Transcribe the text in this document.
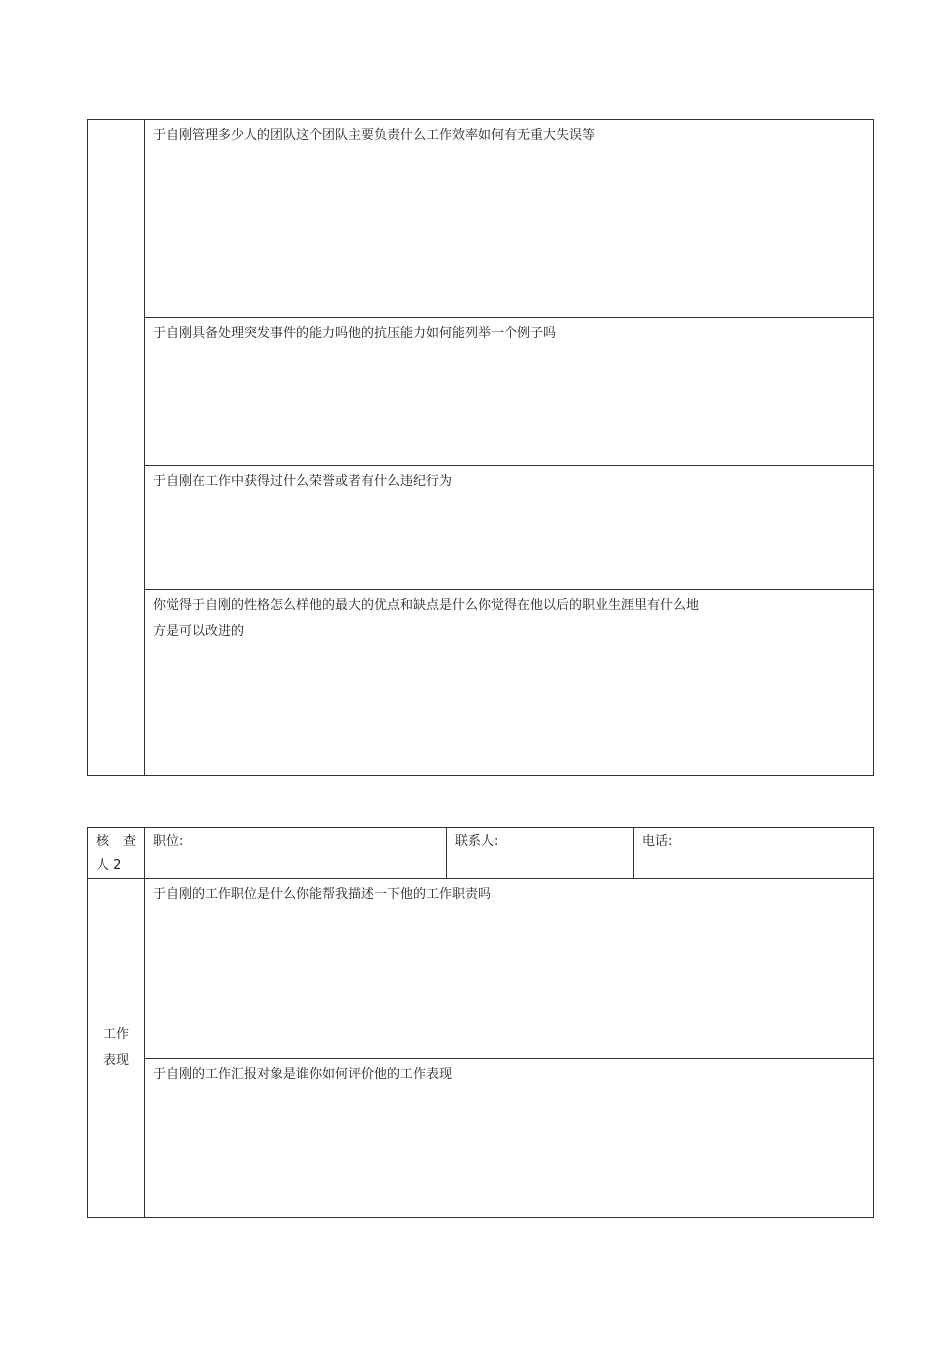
于自刚管理多少人的团队这个团队主要负责什么工作效率如何有无重大失误等
于自刚具备处理突发事件的能力吗他的抗压能力如何能列举一个例子吗
于自刚在工作中获得过什么荣誉或者有什么违纪行为
你觉得于自刚的性格怎么样他的最大的优点和缺点是什么你觉得在他以后的职业生涯里有什么地
方是可以改进的
核 查
人 2
职位:	联系人:	电话:
工作
表现
于自刚的工作职位是什么你能帮我描述一下他的工作职责吗
于自刚的工作汇报对象是谁你如何评价他的工作表现
